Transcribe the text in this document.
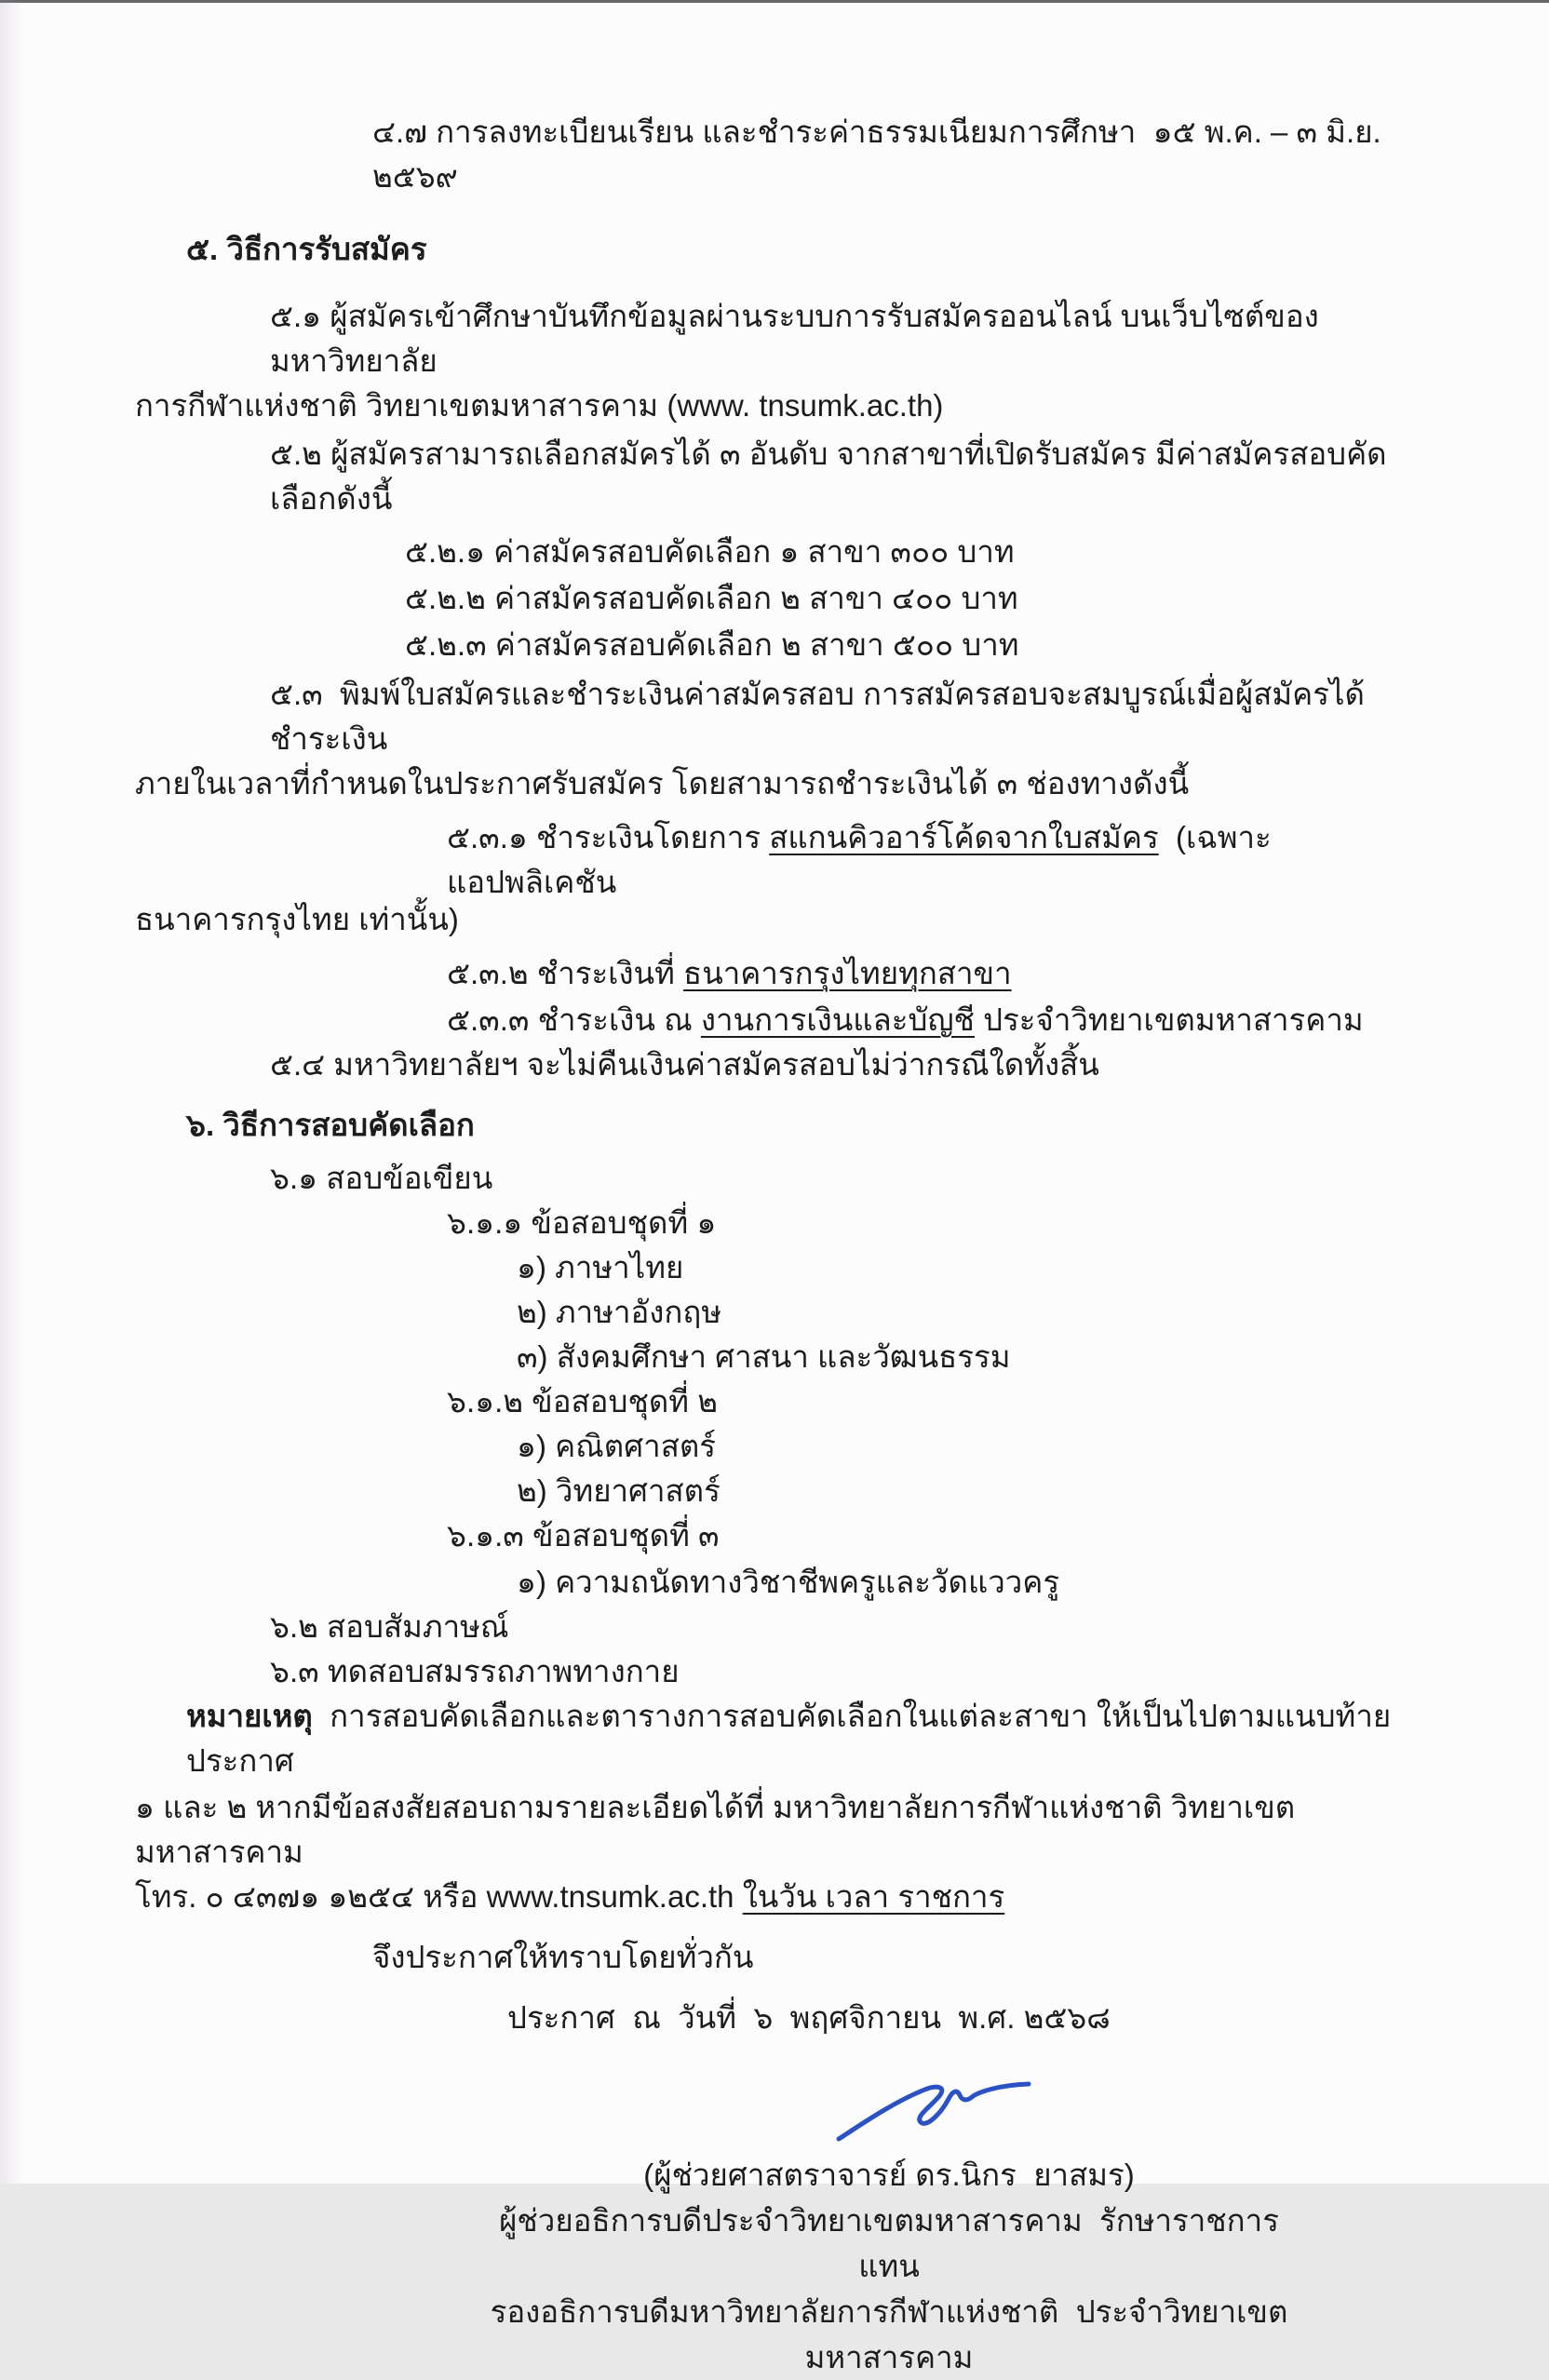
๔.๗ การลงทะเบียนเรียน และชำระค่าธรรมเนียมการศึกษา  ๑๕ พ.ค. – ๓ มิ.ย. ๒๕๖๙
๕. วิธีการรับสมัคร
๕.๑ ผู้สมัครเข้าศึกษาบันทึกข้อมูลผ่านระบบการรับสมัครออนไลน์ บนเว็บไซต์ของมหาวิทยาลัย
การกีฬาแห่งชาติ วิทยาเขตมหาสารคาม (www. tnsumk.ac.th)
๕.๒ ผู้สมัครสามารถเลือกสมัครได้ ๓ อันดับ จากสาขาที่เปิดรับสมัคร มีค่าสมัครสอบคัดเลือกดังนี้
๕.๒.๑ ค่าสมัครสอบคัดเลือก ๑ สาขา ๓๐๐ บาท
๕.๒.๒ ค่าสมัครสอบคัดเลือก ๒ สาขา ๔๐๐ บาท
๕.๒.๓ ค่าสมัครสอบคัดเลือก ๒ สาขา ๕๐๐ บาท
๕.๓  พิมพ์ใบสมัครและชำระเงินค่าสมัครสอบ การสมัครสอบจะสมบูรณ์เมื่อผู้สมัครได้ชำระเงิน
ภายในเวลาที่กำหนดในประกาศรับสมัคร โดยสามารถชำระเงินได้ ๓ ช่องทางดังนี้
๕.๓.๑ ชำระเงินโดยการ สแกนคิวอาร์โค้ดจากใบสมัคร  (เฉพาะแอปพลิเคชัน
ธนาคารกรุงไทย เท่านั้น)
๕.๓.๒ ชำระเงินที่ ธนาคารกรุงไทยทุกสาขา
๕.๓.๓ ชำระเงิน ณ งานการเงินและบัญชี ประจำวิทยาเขตมหาสารคาม
๕.๔ มหาวิทยาลัยฯ จะไม่คืนเงินค่าสมัครสอบไม่ว่ากรณีใดทั้งสิ้น
๖. วิธีการสอบคัดเลือก
๖.๑ สอบข้อเขียน
๖.๑.๑ ข้อสอบชุดที่ ๑
๑) ภาษาไทย
๒) ภาษาอังกฤษ
๓) สังคมศึกษา ศาสนา และวัฒนธรรม
๖.๑.๒ ข้อสอบชุดที่ ๒
๑) คณิตศาสตร์
๒) วิทยาศาสตร์
๖.๑.๓ ข้อสอบชุดที่ ๓
๑) ความถนัดทางวิชาชีพครูและวัดแววครู
๖.๒ สอบสัมภาษณ์
๖.๓ ทดสอบสมรรถภาพทางกาย
หมายเหตุ  การสอบคัดเลือกและตารางการสอบคัดเลือกในแต่ละสาขา ให้เป็นไปตามแนบท้ายประกาศ
๑ และ ๒ หากมีข้อสงสัยสอบถามรายละเอียดได้ที่ มหาวิทยาลัยการกีฬาแห่งชาติ วิทยาเขตมหาสารคาม
โทร. ๐ ๔๓๗๑ ๑๒๕๔ หรือ www.tnsumk.ac.th ในวัน เวลา ราชการ
จึงประกาศให้ทราบโดยทั่วกัน
ประกาศ  ณ  วันที่  ๖  พฤศจิกายน  พ.ศ. ๒๕๖๘
(ผู้ช่วยศาสตราจารย์ ดร.นิกร  ยาสมร)
ผู้ช่วยอธิการบดีประจำวิทยาเขตมหาสารคาม  รักษาราชการแทน
รองอธิการบดีมหาวิทยาลัยการกีฬาแห่งชาติ  ประจำวิทยาเขตมหาสารคาม
